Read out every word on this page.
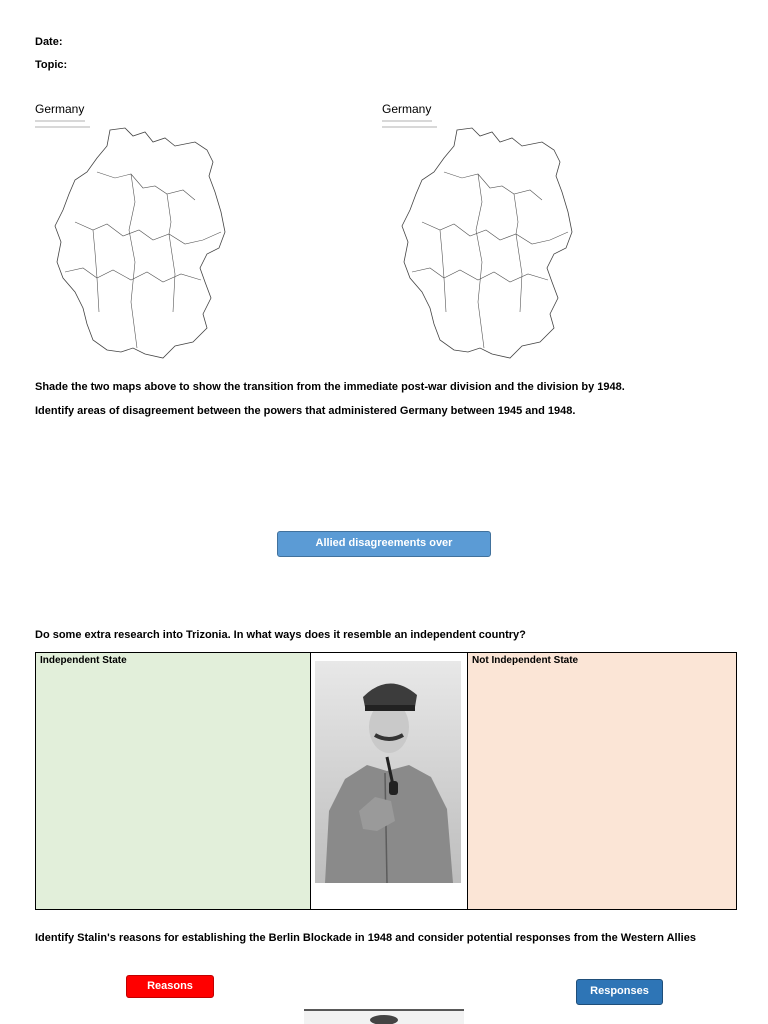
Date:
Topic:
Germany	Germany
Shade the two maps above to show the transition from the immediate post-war division and the division by 1948.
Identify areas of disagreement between the powers that administered Germany between 1945 and 1948.
Allied disagreements over
Do some extra research into Trizonia. In what ways does it resemble an independent country?
Independent State		Not Independent State
Identify Stalin's reasons for establishing the Berlin Blockade in 1948 and consider potential responses from the Western Allies
Reasons	Responses
